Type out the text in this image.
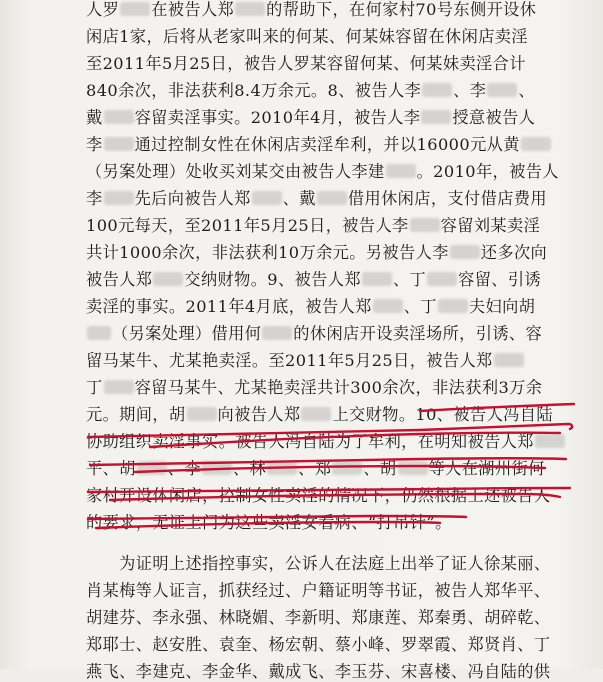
人罗 在被告人郑 的帮助下，在何家村70号东侧开设休
闲店1家，后将从老家叫来的何某、何某妹容留在休闲店卖淫
至2011年5月25日，被告人罗某容留何某、何某妹卖淫合计
840余次，非法获利8.4万余元。8、被告人李 、李 、
戴 容留卖淫事实。2010年4月，被告人李 授意被告人
李 通过控制女性在休闲店卖淫牟利，并以16000元从黄
（另案处理）处收买刘某交由被告人李建 。2010年，被告人
李 先后向被告人郑 、戴 借用休闲店，支付借店费用
100元每天，至2011年5月25日，被告人李 容留刘某卖淫
共计1000余次，非法获利10万余元。另被告人李 还多次向
被告人郑 交纳财物。9、被告人郑 、丁 容留、引诱
卖淫的事实。2011年4月底，被告人郑 、丁 夫妇向胡
（另案处理）借用何 的休闲店开设卖淫场所，引诱、容
留马某牛、尤某艳卖淫。至2011年5月25日，被告人郑
丁 容留马某牛、尤某艳卖淫共计300余次，非法获利3万余
元。期间，胡 向被告人郑 上交财物。10、被告人冯自陆
协助组织卖淫事实。被告人冯自陆为了牟利，在明知被告人郑
平、胡 、李 、林 、郑 、胡 等人在湖州街何
家村开设休闲店，控制女性卖淫的情况下，仍然根据上述被告人
的要求，无证上门为这些卖淫女看病、“打吊针”。
　　为证明上述指控事实，公诉人在法庭上出举了证人徐某丽、
肖某梅等人证言，抓获经过、户籍证明等书证，被告人郑华平、
胡建芬、李永强、林晓媚、李新明、郑康莲、郑秦勇、胡碎乾、
郑耶士、赵安胜、袁奎、杨宏朝、蔡小峰、罗翠霞、郑贤肖、丁
燕飞、李建克、李金华、戴成飞、李玉芬、宋喜楼、冯自陆的供
